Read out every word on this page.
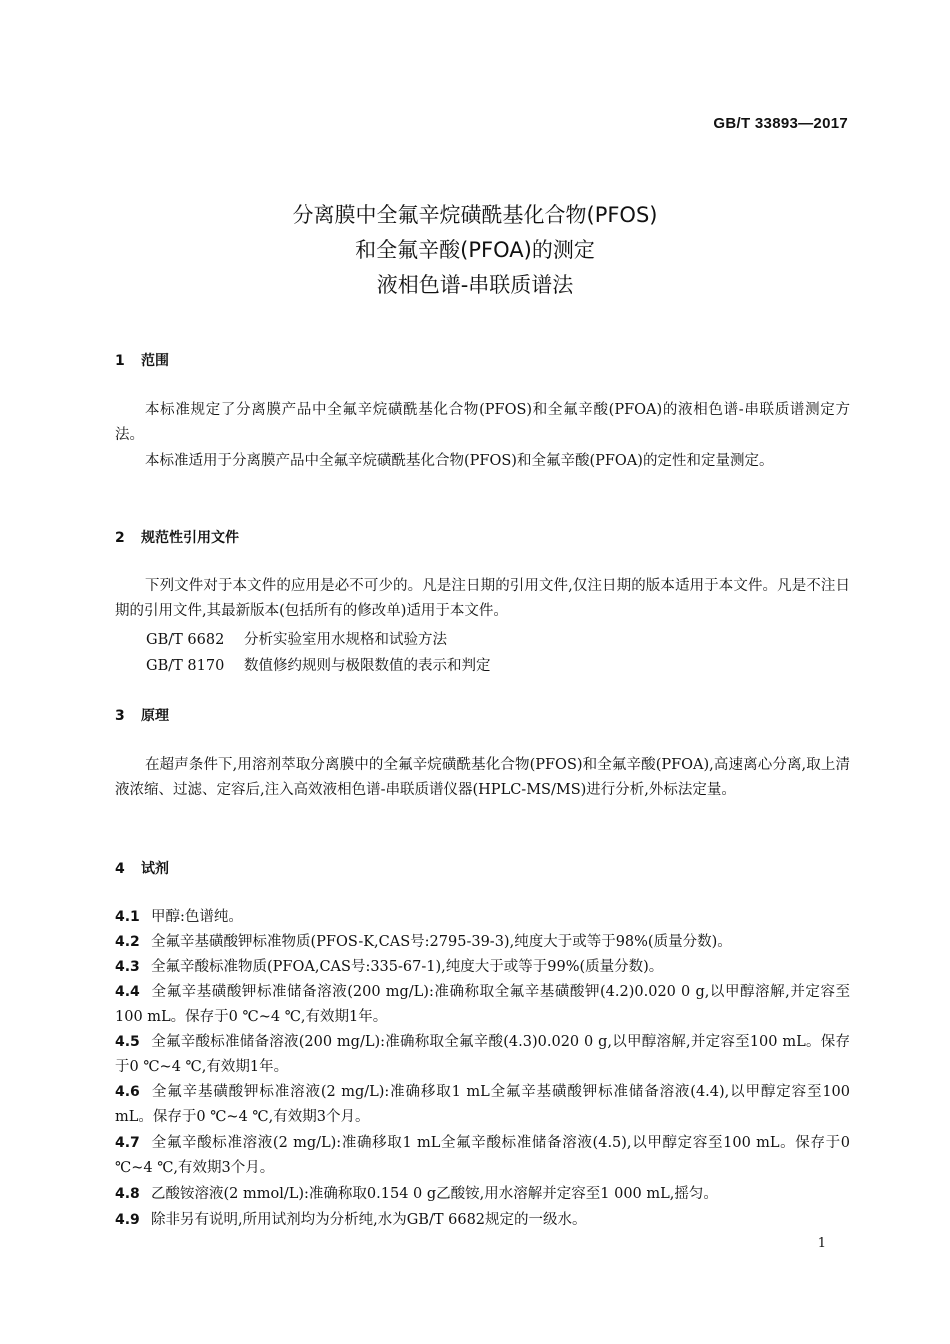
GB/T 33893—2017
分离膜中全氟辛烷磺酰基化合物(PFOS)
和全氟辛酸(PFOA)的测定
液相色谱-串联质谱法
1 范围
本标准规定了分离膜产品中全氟辛烷磺酰基化合物(PFOS)和全氟辛酸(PFOA)的液相色谱-串联质谱测定方法。
本标准适用于分离膜产品中全氟辛烷磺酰基化合物(PFOS)和全氟辛酸(PFOA)的定性和定量测定。
2 规范性引用文件
下列文件对于本文件的应用是必不可少的。凡是注日期的引用文件,仅注日期的版本适用于本文件。凡是不注日期的引用文件,其最新版本(包括所有的修改单)适用于本文件。
GB/T 6682 分析实验室用水规格和试验方法
GB/T 8170 数值修约规则与极限数值的表示和判定
3 原理
在超声条件下,用溶剂萃取分离膜中的全氟辛烷磺酰基化合物(PFOS)和全氟辛酸(PFOA),高速离心分离,取上清液浓缩、过滤、定容后,注入高效液相色谱-串联质谱仪器(HPLC-MS/MS)进行分析,外标法定量。
4 试剂
4.1 甲醇:色谱纯。
4.2 全氟辛基磺酸钾标准物质(PFOS-K,CAS号:2795-39-3),纯度大于或等于98%(质量分数)。
4.3 全氟辛酸标准物质(PFOA,CAS号:335-67-1),纯度大于或等于99%(质量分数)。
4.4 全氟辛基磺酸钾标准储备溶液(200 mg/L):准确称取全氟辛基磺酸钾(4.2)0.020 0 g,以甲醇溶解,并定容至100 mL。保存于0 ℃~4 ℃,有效期1年。
4.5 全氟辛酸标准储备溶液(200 mg/L):准确称取全氟辛酸(4.3)0.020 0 g,以甲醇溶解,并定容至100 mL。保存于0 ℃~4 ℃,有效期1年。
4.6 全氟辛基磺酸钾标准溶液(2 mg/L):准确移取1 mL全氟辛基磺酸钾标准储备溶液(4.4),以甲醇定容至100 mL。保存于0 ℃~4 ℃,有效期3个月。
4.7 全氟辛酸标准溶液(2 mg/L):准确移取1 mL全氟辛酸标准储备溶液(4.5),以甲醇定容至100 mL。保存于0 ℃~4 ℃,有效期3个月。
4.8 乙酸铵溶液(2 mmol/L):准确称取0.154 0 g乙酸铵,用水溶解并定容至1 000 mL,摇匀。
4.9 除非另有说明,所用试剂均为分析纯,水为GB/T 6682规定的一级水。
1
